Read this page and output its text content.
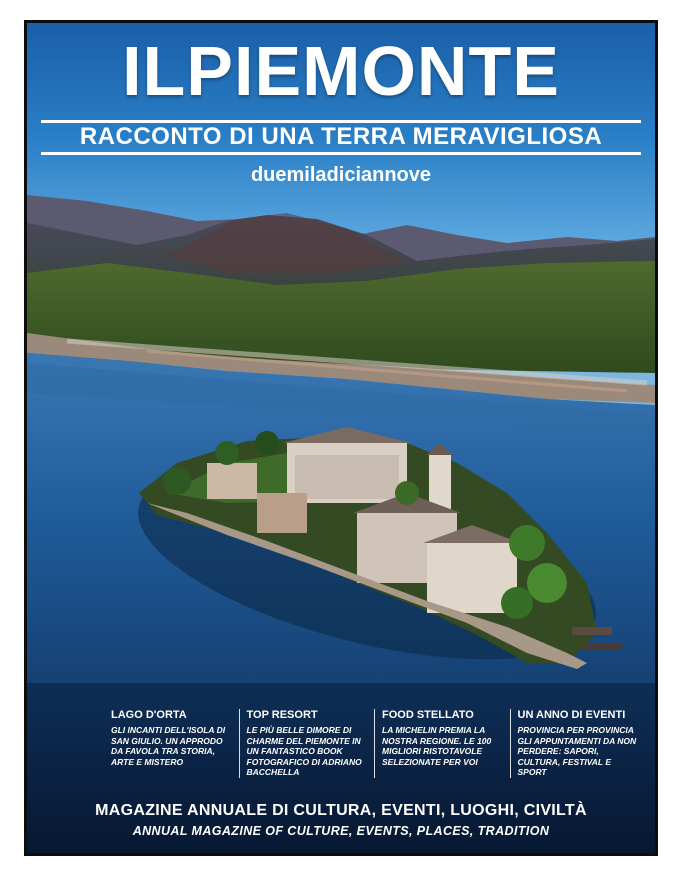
ILPIEMONTE
RACCONTO DI UNA TERRA MERAVIGLIOSA
duemiladiciannove
LAGO D'ORTA
GLI INCANTI DELL'ISOLA DI SAN GIULIO. UN APPRODO DA FAVOLA TRA STORIA, ARTE E MISTERO
TOP RESORT
LE PIÙ BELLE DIMORE DI CHARME DEL PIEMONTE IN UN FANTASTICO BOOK FOTOGRAFICO DI ADRIANO BACCHELLA
FOOD STELLATO
LA MICHELIN PREMIA LA NOSTRA REGIONE. LE 100 MIGLIORI RISTOTAVOLE SELEZIONATE PER VOI
UN ANNO DI EVENTI
PROVINCIA PER PROVINCIA GLI APPUNTAMENTI DA NON PERDERE: SAPORI, CULTURA, FESTIVAL E SPORT
MAGAZINE ANNUALE DI CULTURA, EVENTI, LUOGHI, CIVILTÀ
ANNUAL MAGAZINE OF CULTURE, EVENTS, PLACES, TRADITION
